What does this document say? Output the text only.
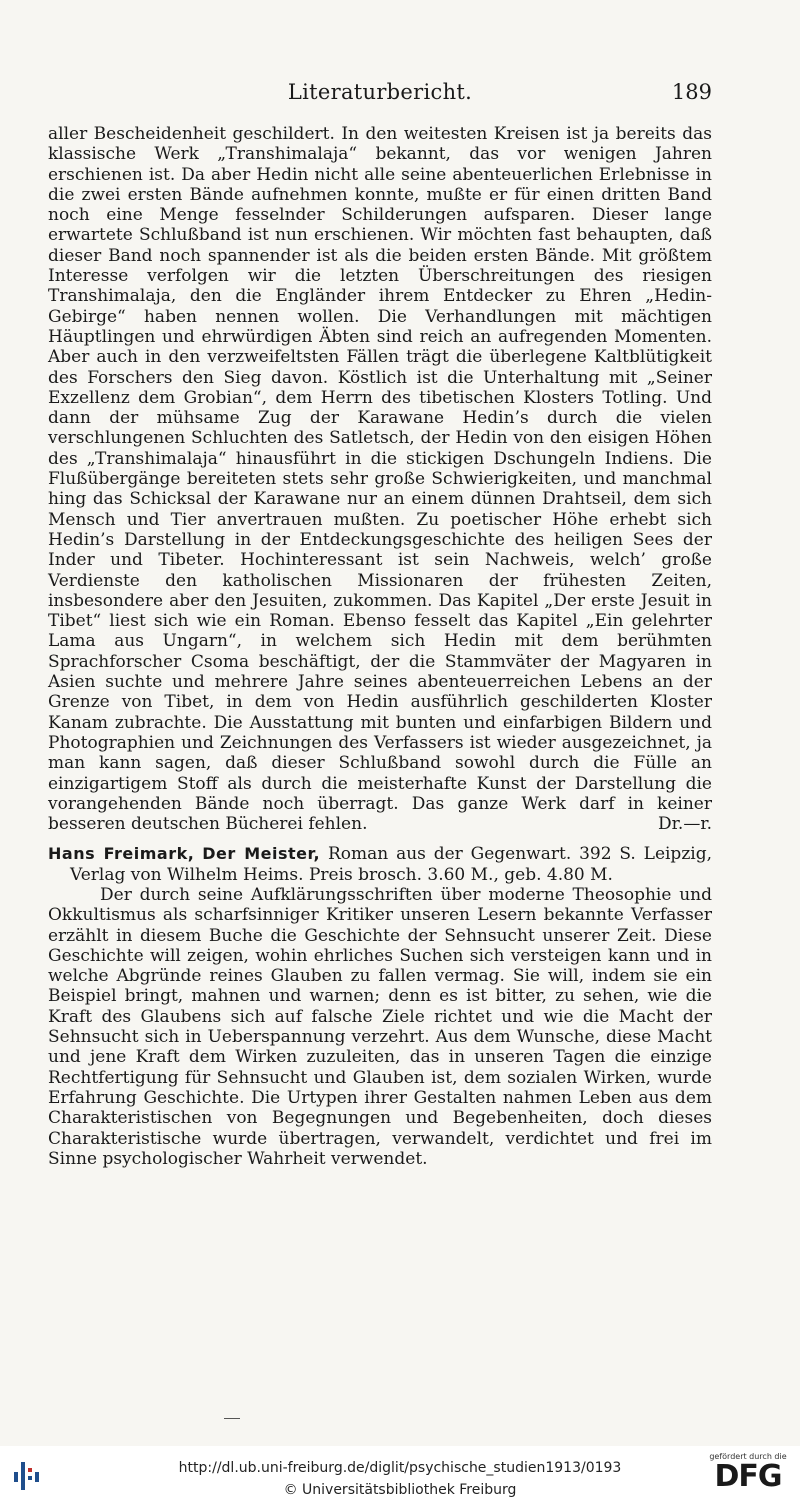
Literaturbericht.	189

aller Bescheidenheit geschildert. In den weitesten Kreisen ist ja bereits das klassische Werk „Transhimalaja“ bekannt, das vor wenigen Jahren erschienen ist. Da aber Hedin nicht alle seine abenteuerlichen Erlebnisse in die zwei ersten Bände aufnehmen konnte, mußte er für einen dritten Band noch eine Menge fesselnder Schilderungen aufsparen. Dieser lange erwartete Schlußband ist nun erschienen. Wir möchten fast behaupten, daß dieser Band noch spannender ist als die beiden ersten Bände. Mit größtem Interesse verfolgen wir die letzten Überschreitungen des riesigen Transhimalaja, den die Engländer ihrem Entdecker zu Ehren „Hedin-Gebirge“ haben nennen wollen. Die Verhandlungen mit mächtigen Häuptlingen und ehrwürdigen Äbten sind reich an aufregenden Momenten. Aber auch in den verzweifeltsten Fällen trägt die überlegene Kaltblütigkeit des Forschers den Sieg davon. Köstlich ist die Unterhaltung mit „Seiner Exzellenz dem Grobian“, dem Herrn des tibetischen Klosters Totling. Und dann der mühsame Zug der Karawane Hedin’s durch die vielen verschlungenen Schluchten des Satletsch, der Hedin von den eisigen Höhen des „Transhimalaja“ hinausführt in die stickigen Dschungeln Indiens. Die Flußübergänge bereiteten stets sehr große Schwierigkeiten, und manchmal hing das Schicksal der Karawane nur an einem dünnen Drahtseil, dem sich Mensch und Tier anvertrauen mußten. Zu poetischer Höhe erhebt sich Hedin’s Darstellung in der Entdeckungsgeschichte des heiligen Sees der Inder und Tibeter. Hochinteressant ist sein Nachweis, welch’ große Verdienste den katholischen Missionaren der frühesten Zeiten, insbesondere aber den Jesuiten, zukommen. Das Kapitel „Der erste Jesuit in Tibet“ liest sich wie ein Roman. Ebenso fesselt das Kapitel „Ein gelehrter Lama aus Ungarn“, in welchem sich Hedin mit dem berühmten Sprachforscher Csoma beschäftigt, der die Stammväter der Magyaren in Asien suchte und mehrere Jahre seines abenteuerreichen Lebens an der Grenze von Tibet, in dem von Hedin ausführlich geschilderten Kloster Kanam zubrachte. Die Ausstattung mit bunten und einfarbigen Bildern und Photographien und Zeichnungen des Verfassers ist wieder ausgezeichnet, ja man kann sagen, daß dieser Schlußband sowohl durch die Fülle an einzigartigem Stoff als durch die meisterhafte Kunst der Darstellung die vorangehenden Bände noch überragt. Das ganze Werk darf in keiner besseren deutschen Bücherei fehlen.	Dr.—r.

Hans Freimark, Der Meister, Roman aus der Gegenwart. 392 S. Leipzig, Verlag von Wilhelm Heims. Preis brosch. 3.60 M., geb. 4.80 M.

Der durch seine Aufklärungsschriften über moderne Theosophie und Okkultismus als scharfsinniger Kritiker unseren Lesern bekannte Verfasser erzählt in diesem Buche die Geschichte der Sehnsucht unserer Zeit. Diese Geschichte will zeigen, wohin ehrliches Suchen sich versteigen kann und in welche Abgründe reines Glauben zu fallen vermag. Sie will, indem sie ein Beispiel bringt, mahnen und warnen; denn es ist bitter, zu sehen, wie die Kraft des Glaubens sich auf falsche Ziele richtet und wie die Macht der Sehnsucht sich in Ueberspannung verzehrt. Aus dem Wunsche, diese Macht und jene Kraft dem Wirken zuzuleiten, das in unseren Tagen die einzige Rechtfertigung für Sehnsucht und Glauben ist, dem sozialen Wirken, wurde Erfahrung Geschichte. Die Urtypen ihrer Gestalten nahmen Leben aus dem Charakteristischen von Begegnungen und Begebenheiten, doch dieses Charakteristische wurde übertragen, verwandelt, verdichtet und frei im Sinne psychologischer Wahrheit verwendet.

http://dl.ub.uni-freiburg.de/diglit/psychische_studien1913/0193
© Universitätsbibliothek Freiburg
gefördert durch die
DFG
